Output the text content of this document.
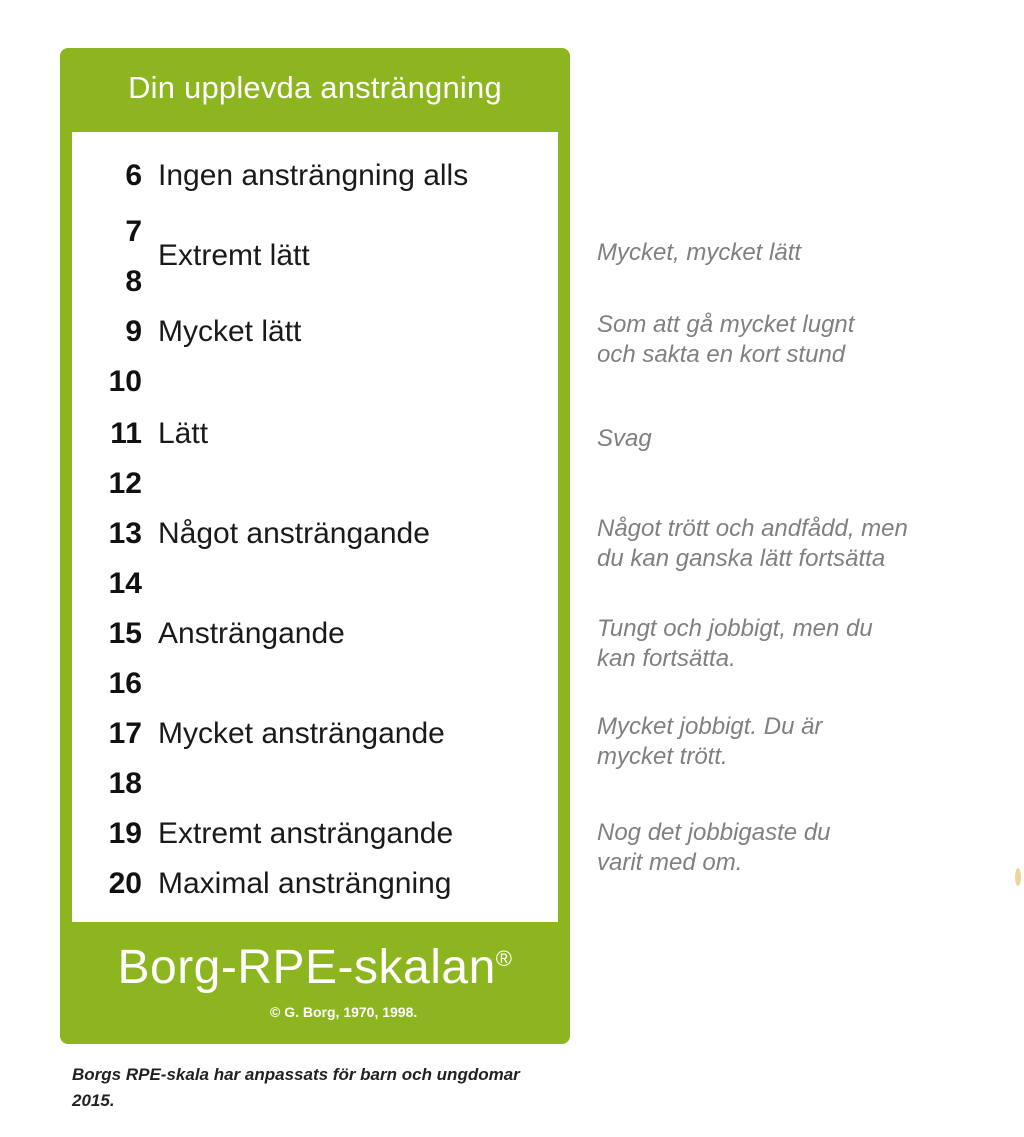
Din upplevda ansträngning
Borg-RPE-skalan®
© G. Borg, 1970, 1998.
6 Ingen ansträngning alls
7
8
Extremt lätt
9 Mycket lätt
10
11 Lätt
12
13 Något ansträngande
14
15 Ansträngande
16
17 Mycket ansträngande
18
19 Extremt ansträngande
20 Maximal ansträngning
Mycket, mycket lätt
Som att gå mycket lugnt
och sakta en kort stund
Svag
Något trött och andfådd, men
du kan ganska lätt fortsätta
Tungt och jobbigt, men du
kan fortsätta.
Mycket jobbigt. Du är
mycket trött.
Nog det jobbigaste du
varit med om.
Borgs RPE-skala har anpassats för barn och ungdomar 2015.
